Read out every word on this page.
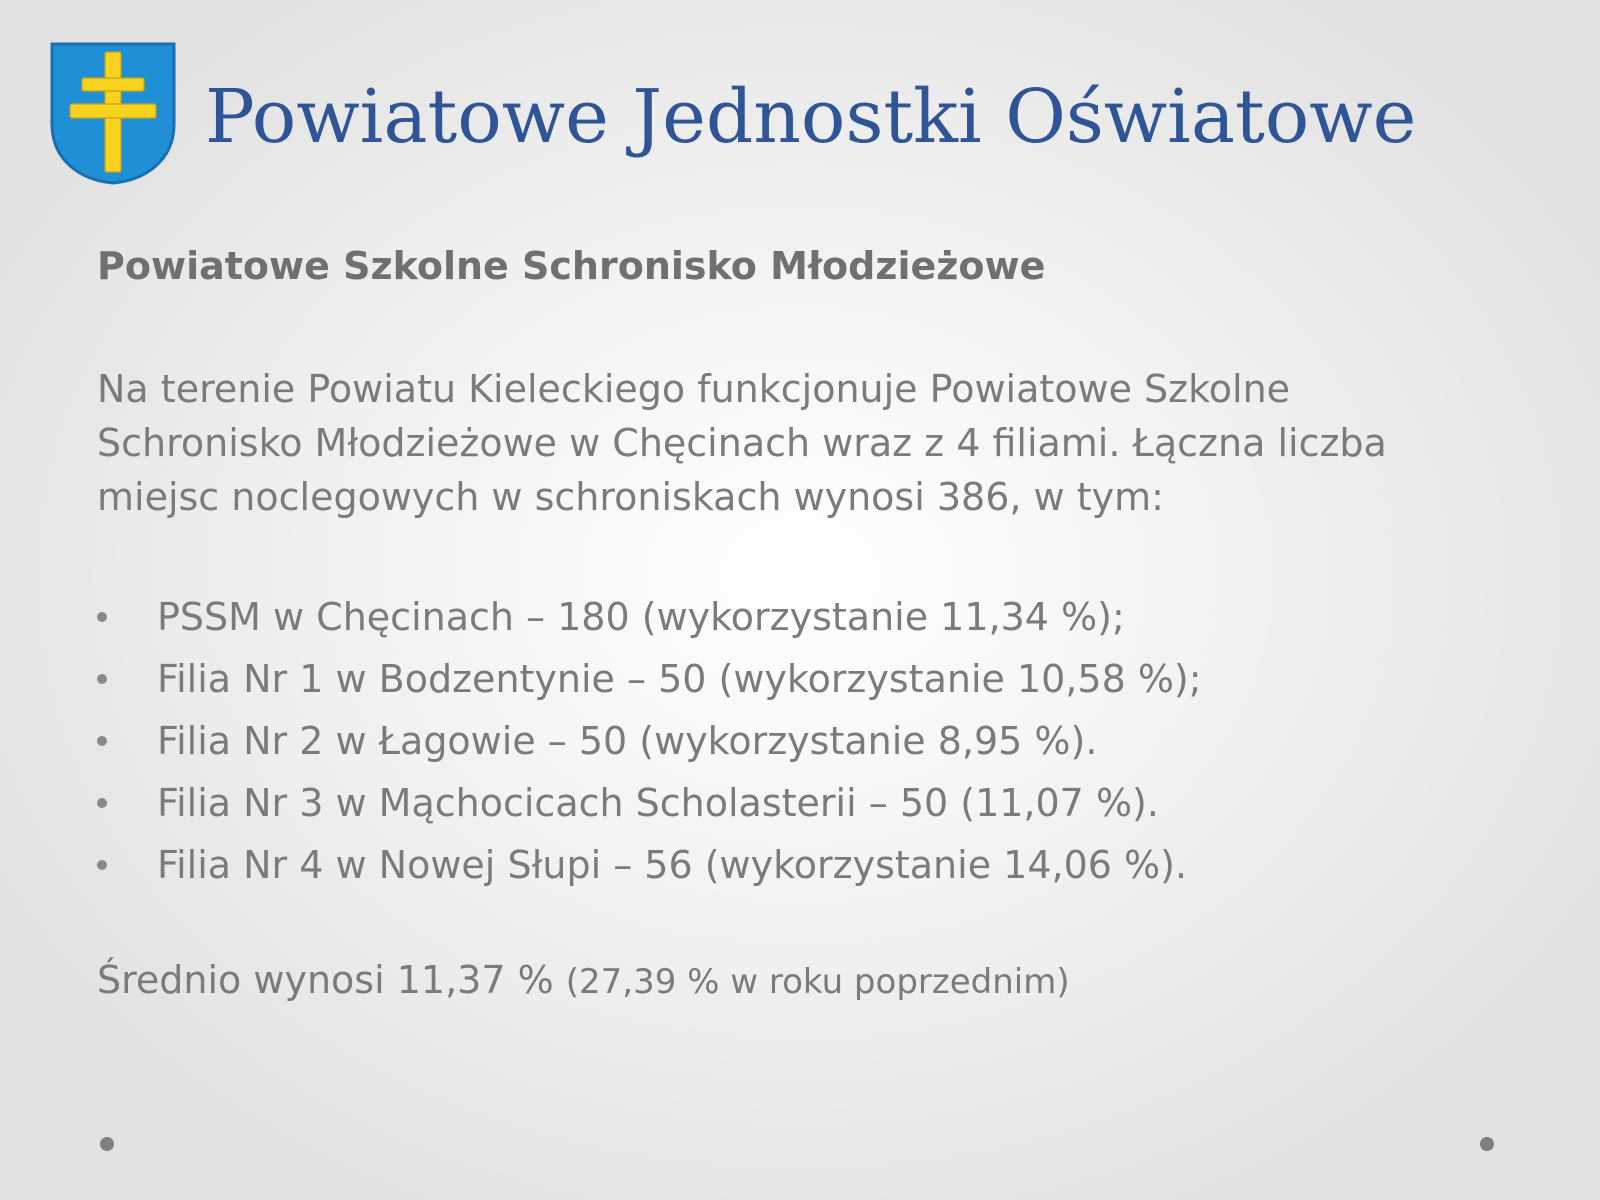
Powiatowe Jednostki Oświatowe
Powiatowe Szkolne Schronisko Młodzieżowe

Na terenie Powiatu Kieleckiego funkcjonuje Powiatowe Szkolne Schronisko Młodzieżowe w Chęcinach wraz z 4 filiami. Łączna liczba miejsc noclegowych w schroniskach wynosi 386, w tym:

PSSM w Chęcinach – 180 (wykorzystanie 11,34 %);
Filia Nr 1 w Bodzentynie – 50 (wykorzystanie 10,58 %);
Filia Nr 2 w Łagowie – 50 (wykorzystanie 8,95 %).
Filia Nr 3 w Mąchocicach Scholasterii – 50 (11,07 %).
Filia Nr 4 w Nowej Słupi – 56 (wykorzystanie 14,06 %).

Średnio wynosi 11,37 % (27,39 % w roku poprzednim)
